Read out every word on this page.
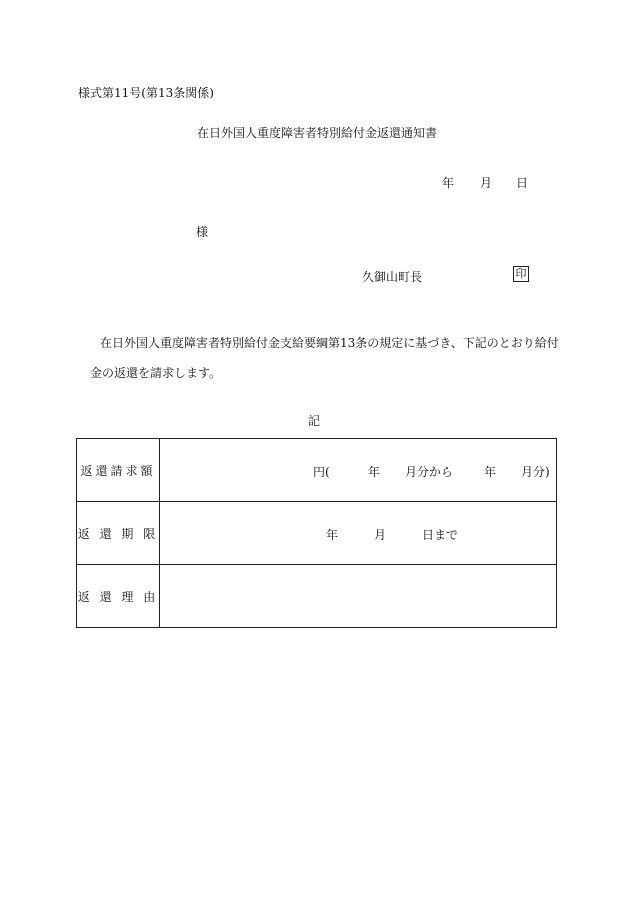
様式第11号(第13条関係)
在日外国人重度障害者特別給付金返還通知書
年 月 日
様
久御山町長	印
在日外国人重度障害者特別給付金支給要綱第13条の規定に基づき、下記のとおり給付
金の返還を請求します。
記
返還請求額	円( 年 月分から 年 月分)

返 還 期 限	年 月 日まで

返 還 理 由	
